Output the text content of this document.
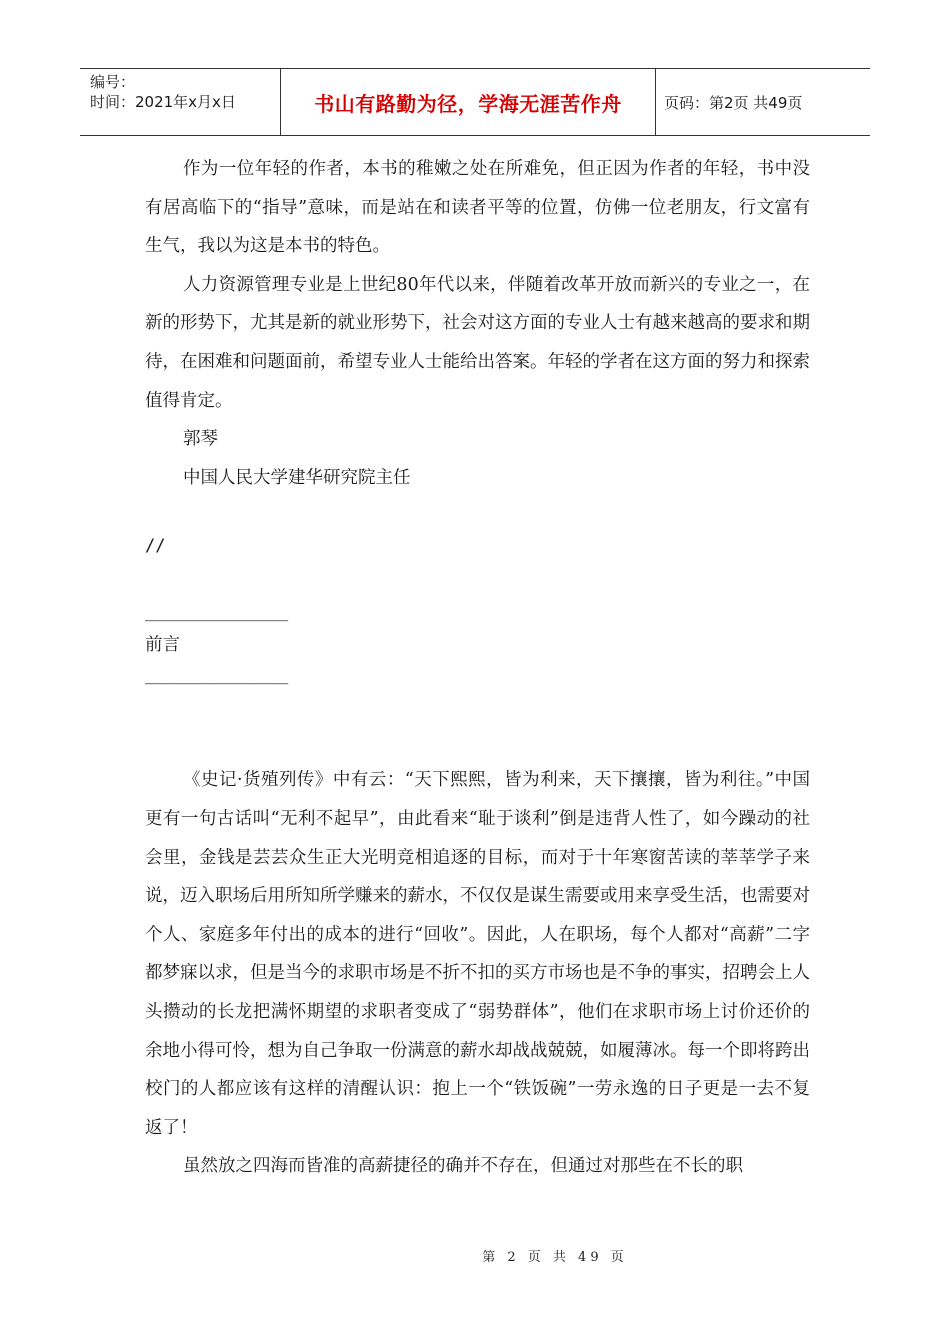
编号：
时间：2021年x月x日	书山有路勤为径，学海无涯苦作舟	页码：第2页 共49页

作为一位年轻的作者，本书的稚嫩之处在所难免，但正因为作者的年轻，书中没有居高临下的“指导”意味，而是站在和读者平等的位置，仿佛一位老朋友，行文富有生气，我以为这是本书的特色。

人力资源管理专业是上世纪80年代以来，伴随着改革开放而新兴的专业之一，在新的形势下，尤其是新的就业形势下，社会对这方面的专业人士有越来越高的要求和期待，在困难和问题面前，希望专业人士能给出答案。年轻的学者在这方面的努力和探索值得肯定。

郭琴

中国人民大学建华研究院主任

//

______________

前言

______________

《史记·货殖列传》中有云：“天下熙熙，皆为利来，天下攘攘，皆为利往。”中国更有一句古话叫“无利不起早”，由此看来“耻于谈利”倒是违背人性了，如今躁动的社会里，金钱是芸芸众生正大光明竞相追逐的目标，而对于十年寒窗苦读的莘莘学子来说，迈入职场后用所知所学赚来的薪水，不仅仅是谋生需要或用来享受生活，也需要对个人、家庭多年付出的成本的进行“回收”。因此，人在职场，每个人都对“高薪”二字都梦寐以求，但是当今的求职市场是不折不扣的买方市场也是不争的事实，招聘会上人头攒动的长龙把满怀期望的求职者变成了“弱势群体”，他们在求职市场上讨价还价的余地小得可怜，想为自己争取一份满意的薪水却战战兢兢，如履薄冰。每一个即将跨出校门的人都应该有这样的清醒认识：抱上一个“铁饭碗”一劳永逸的日子更是一去不复返了！

虽然放之四海而皆准的高薪捷径的确并不存在，但通过对那些在不长的职

第 2 页 共 49 页
